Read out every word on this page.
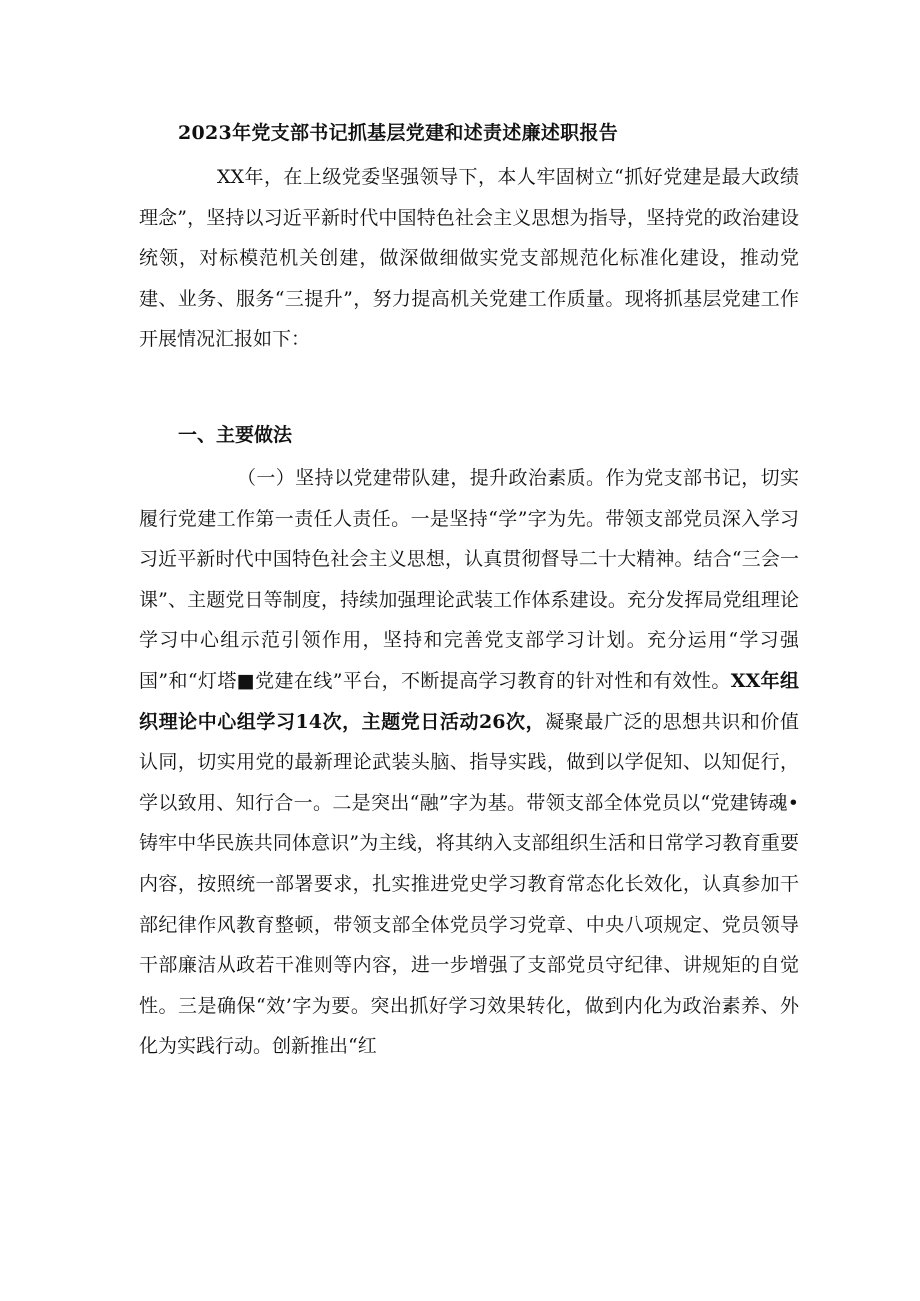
2023年党支部书记抓基层党建和述责述廉述职报告

XX年，在上级党委坚强领导下，本人牢固树立“抓好党建是最大政绩理念”，坚持以习近平新时代中国特色社会主义思想为指导，坚持党的政治建设统领，对标模范机关创建，做深做细做实党支部规范化标准化建设，推动党建、业务、服务“三提升”，努力提高机关党建工作质量。现将抓基层党建工作开展情况汇报如下：

一、主要做法

（一）坚持以党建带队建，提升政治素质。作为党支部书记，切实履行党建工作第一责任人责任。一是坚持“学”字为先。带领支部党员深入学习习近平新时代中国特色社会主义思想，认真贯彻督导二十大精神。结合“三会一课”、主题党日等制度，持续加强理论武装工作体系建设。充分发挥局党组理论学习中心组示范引领作用，坚持和完善党支部学习计划。充分运用“学习强国”和“灯塔■党建在线”平台，不断提高学习教育的针对性和有效性。XX年组织理论中心组学习14次，主题党日活动26次，凝聚最广泛的思想共识和价值认同，切实用党的最新理论武装头脑、指导实践，做到以学促知、以知促行，学以致用、知行合一。二是突出“融”字为基。带领支部全体党员以“党建铸魂•铸牢中华民族共同体意识”为主线，将其纳入支部组织生活和日常学习教育重要内容，按照统一部署要求，扎实推进党史学习教育常态化长效化，认真参加干部纪律作风教育整顿，带领支部全体党员学习党章、中央八项规定、党员领导干部廉洁从政若干准则等内容，进一步增强了支部党员守纪律、讲规矩的自觉性。三是确保“效’字为要。突出抓好学习效果转化，做到内化为政治素养、外化为实践行动。创新推出“红
